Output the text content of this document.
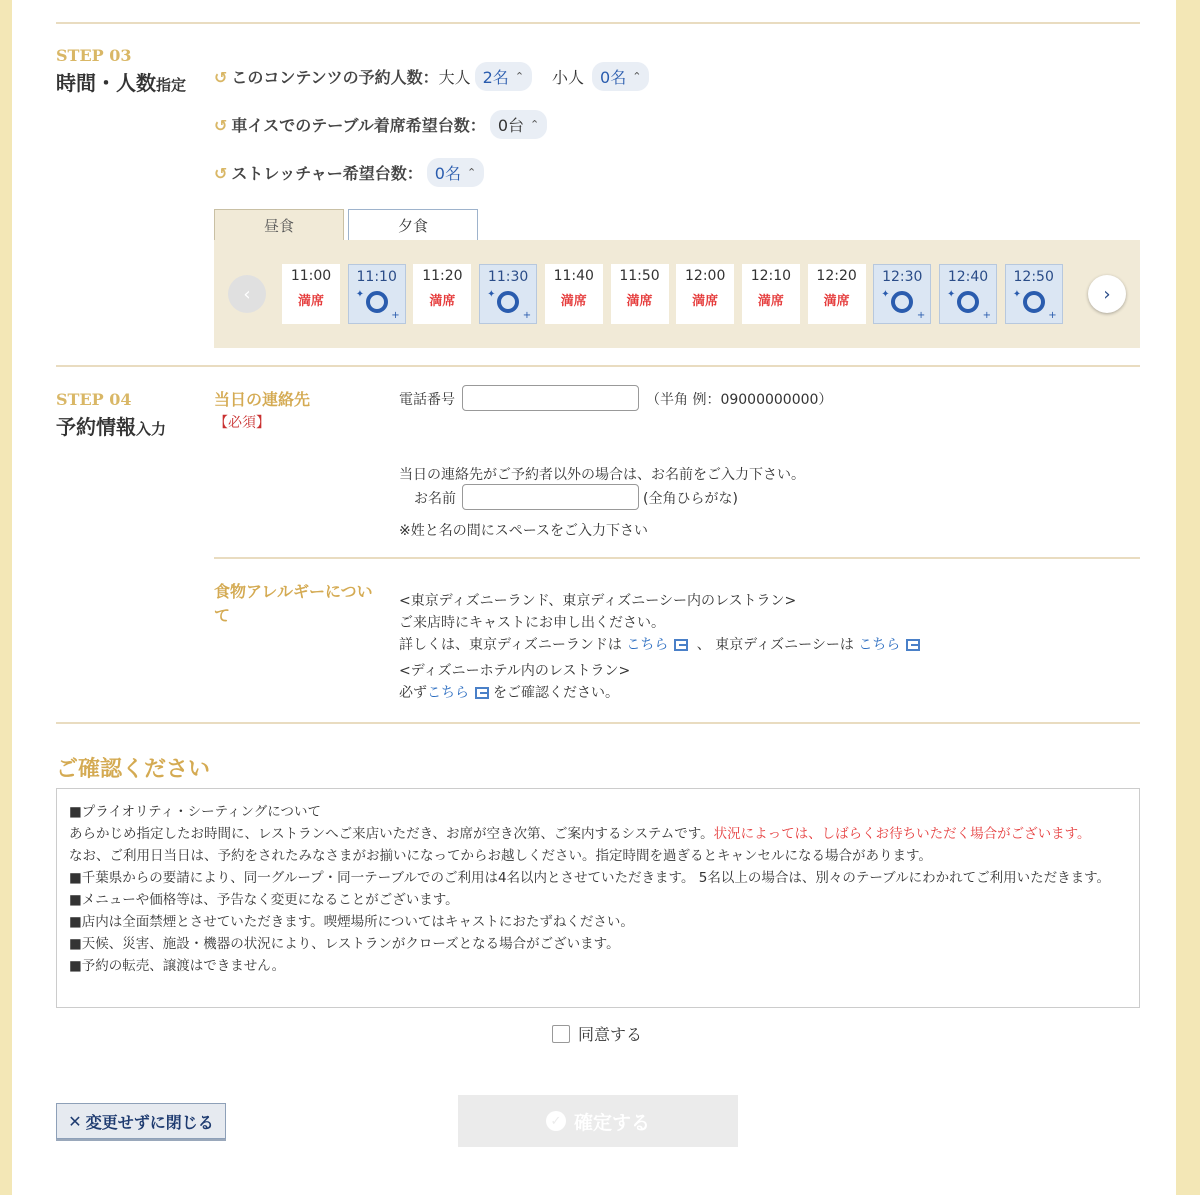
STEP 03
時間・人数指定 ↺ このコンテンツの予約人数： 大人 2名 ⌃ 小人 0名 ⌃
↺ 車イスでのテーブル着席希望台数： 0台 ⌃
↺ ストレッチャー希望台数： 0名 ⌃
昼食	夕食
‹
11:00
満席
11:10
✦
+
11:20
満席
11:30
✦
+
11:40
満席
11:50
満席
12:00
満席
12:10
満席
12:20
満席
12:30
✦
+
12:40
✦
+
12:50
✦
+
›
STEP 04
予約情報入力
当日の連絡先
【必須】
電話番号	（半角 例：09000000000）
当日の連絡先がご予約者以外の場合は、お名前をご入力下さい。
お名前	(全角ひらがな)
※姓と名の間にスペースをご入力下さい
食物アレルギーについ
て
<東京ディズニーランド、東京ディズニーシー内のレストラン>
ご来店時にキャストにお申し出ください。
詳しくは、東京ディズニーランドは こちら 、 東京ディズニーシーは こちら
<ディズニーホテル内のレストラン>
必ずこちら をご確認ください。
ご確認ください
■プライオリティ・シーティングについて
あらかじめ指定したお時間に、レストランへご来店いただき、お席が空き次第、ご案内するシステムです。状況によっては、しばらくお待ちいただく場合がございます。
なお、ご利用日当日は、予約をされたみなさまがお揃いになってからお越しください。指定時間を過ぎるとキャンセルになる場合があります。
■千葉県からの要請により、同一グループ・同一テーブルでのご利用は4名以内とさせていただきます。 5名以上の場合は、別々のテーブルにわかれてご利用いただきます。
■メニューや価格等は、予告なく変更になることがございます。
■店内は全面禁煙とさせていただきます。喫煙場所についてはキャストにおたずねください。
■天候、災害、施設・機器の状況により、レストランがクローズとなる場合がございます。
■予約の転売、譲渡はできません。
同意する
✕ 変更せずに閉じる	✓ 確定する
